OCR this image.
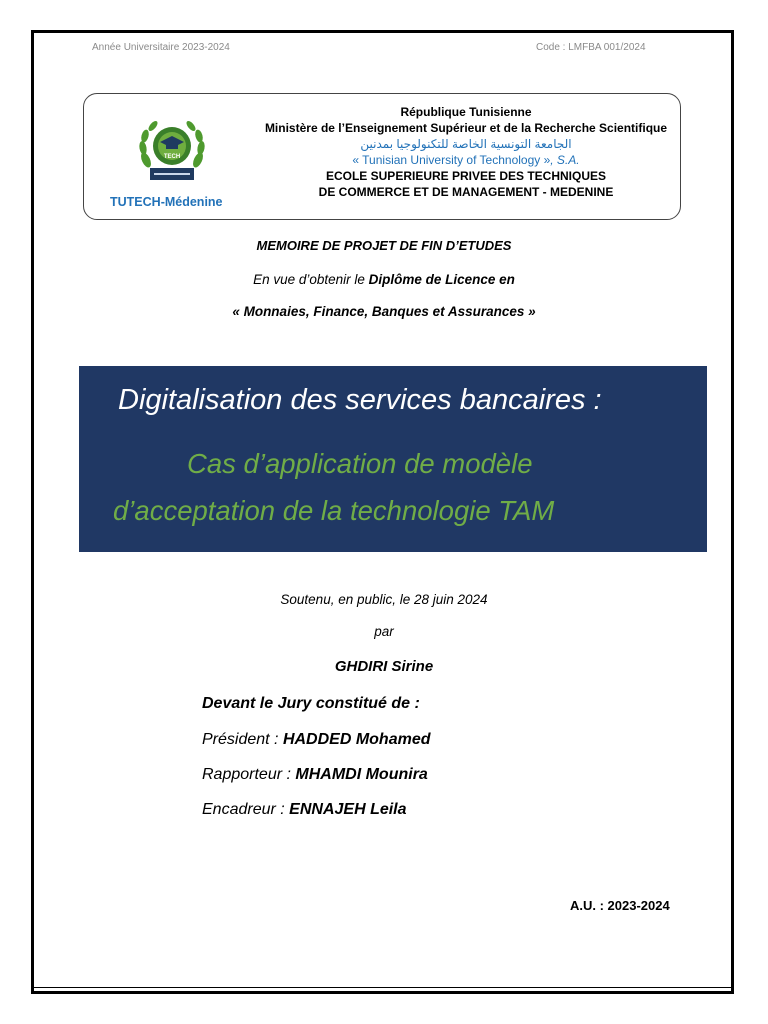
Année Universitaire 2023-2024	Code : LMFBA 001/2024
TECH
TUTECH-Médenine
République Tunisienne
Ministère de l’Enseignement Supérieur et de la Recherche Scientifique
الجامعة التونسية الخاصة للتكنولوجيا بمدنين
« Tunisian University of Technology », S.A.
ECOLE SUPERIEURE PRIVEE DES TECHNIQUES
DE COMMERCE ET DE MANAGEMENT - MEDENINE
MEMOIRE DE PROJET DE FIN D’ETUDES
En vue d’obtenir le Diplôme de Licence en
« Monnaies, Finance, Banques et Assurances »
Digitalisation des services bancaires :
Cas d’application de modèle
d’acceptation de la technologie TAM
Soutenu, en public, le 28 juin 2024
par
GHDIRI Sirine
Devant le Jury constitué de :
Président : HADDED Mohamed
Rapporteur : MHAMDI Mounira
Encadreur : ENNAJEH Leila
A.U. : 2023-2024
